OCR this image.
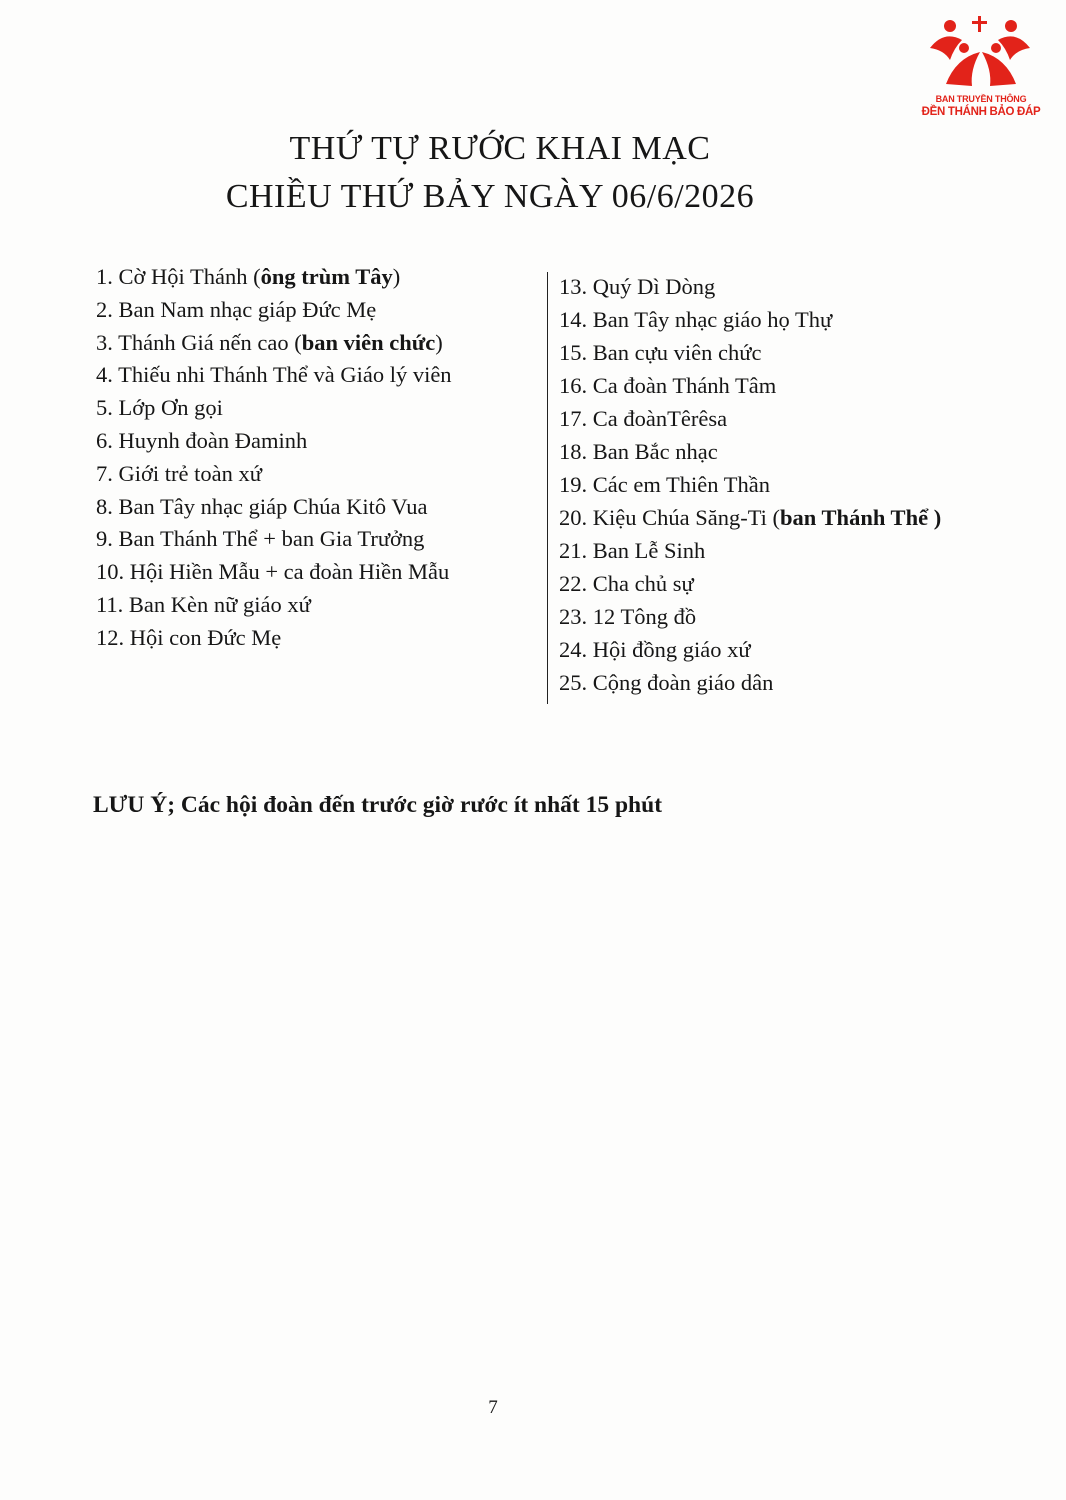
BAN TRUYỀN THÔNG
ĐỀN THÁNH BẢO ĐÁP
THỨ TỰ RƯỚC KHAI MẠC
CHIỀU THỨ BẢY NGÀY 06/6/2026
1. Cờ Hội Thánh (ông trùm Tây)
2. Ban Nam nhạc giáp Đức Mẹ
3. Thánh Giá nến cao (ban viên chức)
4. Thiếu nhi Thánh Thể và Giáo lý viên
5. Lớp Ơn gọi
6. Huynh đoàn Đaminh
7. Giới trẻ toàn xứ
8. Ban Tây nhạc giáp Chúa Kitô Vua
9. Ban Thánh Thể + ban Gia Trưởng
10. Hội Hiền Mẫu + ca đoàn Hiền Mẫu
11. Ban Kèn nữ giáo xứ
12. Hội con Đức Mẹ
13. Quý Dì Dòng
14. Ban Tây nhạc giáo họ Thự
15. Ban cựu viên chức
16. Ca đoàn Thánh Tâm
17. Ca đoànTêrêsa
18. Ban Bắc nhạc
19. Các em Thiên Thần
20. Kiệu Chúa Săng-Ti (ban Thánh Thể )
21. Ban Lễ Sinh
22. Cha chủ sự
23. 12 Tông đồ
24. Hội đồng giáo xứ
25. Cộng đoàn giáo dân
LƯU Ý; Các hội đoàn đến trước giờ rước ít nhất 15 phút
7
